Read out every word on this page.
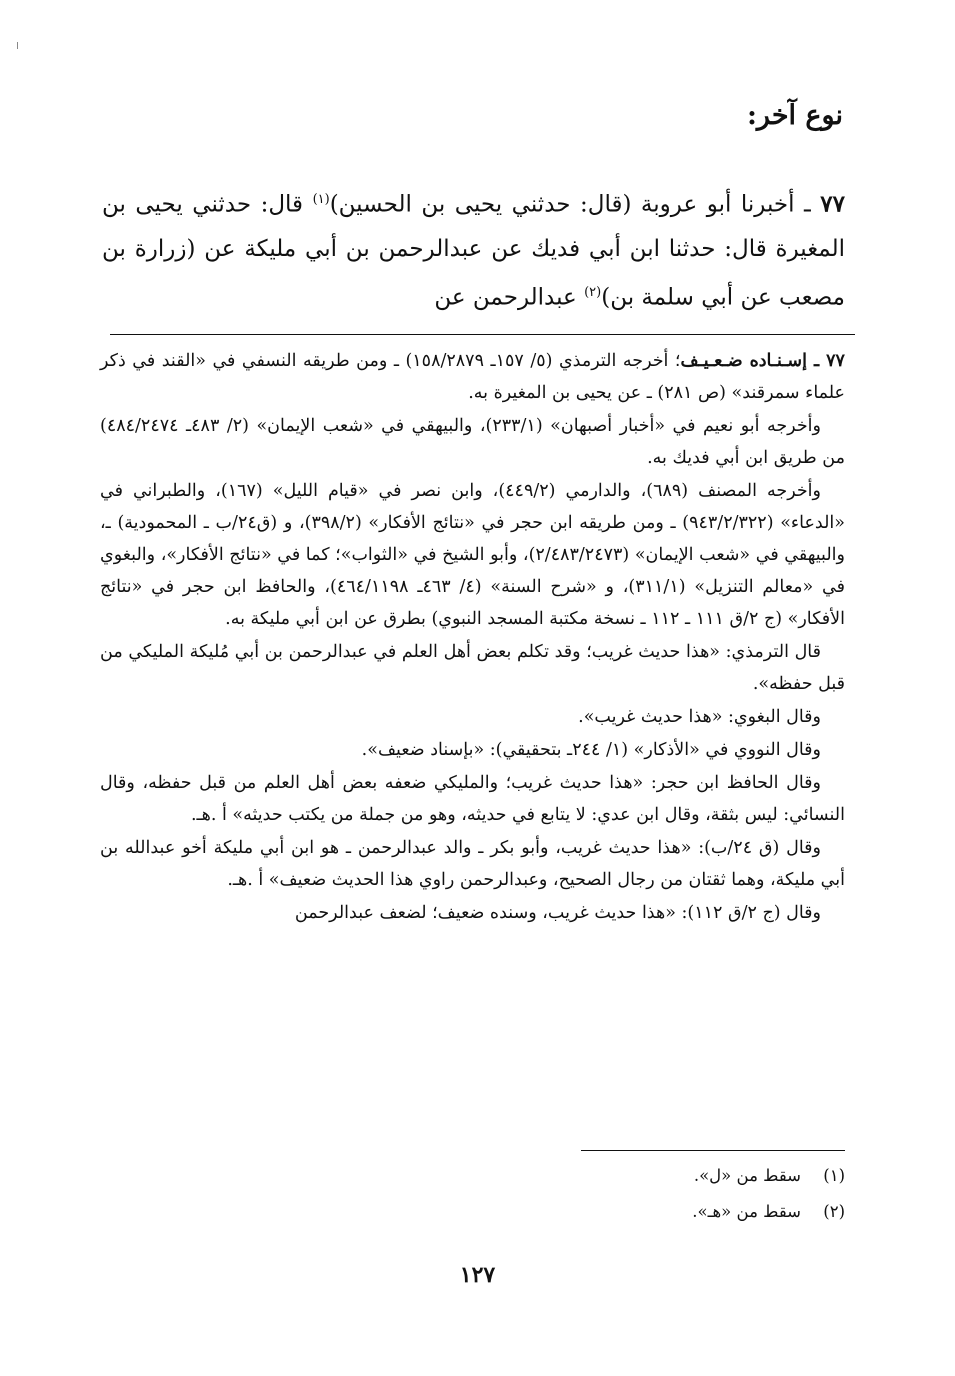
نوع آخر:

٧٧ ـ أخبرنا أبو عروبة (قال: حدثني يحيى بن الحسين)$^{(١)}$ قال: حدثني يحيى بن المغيرة قال: حدثنا ابن أبي فديك عن عبدالرحمن بن أبي مليكة عن (زرارة بن مصعب عن أبي سلمة بن)$^{(٢)}$ عبدالرحمن عن

٧٧ ـ إسـنـاده ضـعـيـف؛ أخرجه الترمذي (٥/ ١٥٧ـ ١٥٨/٢٨٧٩) ـ ومن طريقه النسفي في «القند في ذكر علماء سمرقند» (ص ٢٨١) ـ عن يحيى بن المغيرة به.

وأخرجه أبو نعيم في «أخبار أصبهان» (٢٣٣/١)، والبيهقي في «شعب الإيمان» (٢/ ٤٨٣ـ ٤٨٤/٢٤٧٤) من طريق ابن أبي فديك به.

وأخرجه المصنف (٦٨٩)، والدارمي (٤٤٩/٢)، وابن نصر في «قيام الليل» (١٦٧)، والطبراني في «الدعاء» (٩٤٣/٢/٣٢٢) ـ ومن طريقه ابن حجر في «نتائج الأفكار» (٣٩٨/٢)، و (ق٢٤/ب ـ المحمودية) ـ، والبيهقي في «شعب الإيمان» (٢/٤٨٣/٢٤٧٣)، وأبو الشيخ في «الثواب»؛ كما في «نتائج الأفكار»، والبغوي في «معالم التنزيل» (٣١١/١)، و «شرح السنة» (٤/ ٤٦٣ـ ٤٦٤/١١٩٨)، والحافظ ابن حجر في «نتائج الأفكار» (ج ٢/ق ١١١ ـ ١١٢ ـ نسخة مكتبة المسجد النبوي) بطرق عن ابن أبي مليكة به.

قال الترمذي: «هذا حديث غريب؛ وقد تكلم بعض أهل العلم في عبدالرحمن بن أبي مُليكة المليكي من قبل حفظه».

وقال البغوي: «هذا حديث غريب».

وقال النووي في «الأذكار» (١/ ٢٤٤ـ بتحقيقي): «بإسناد ضعيف».

وقال الحافظ ابن حجر: «هذا حديث غريب؛ والمليكي ضعفه بعض أهل العلم من قبل حفظه، وقال النسائي: ليس بثقة، وقال ابن عدي: لا يتابع في حديثه، وهو من جملة من يكتب حديثه» أ .هـ.

وقال (ق ٢٤/ب): «هذا حديث غريب، وأبو بكر ـ والد عبدالرحمن ـ هو ابن أبي مليكة أخو عبدالله بن أبي مليكة، وهما ثقتان من رجال الصحيح، وعبدالرحمن راوي هذا الحديث ضعيف» أ .هـ.

وقال (ج ٢/ق ١١٢): «هذا حديث غريب، وسنده ضعيف؛ لضعف عبدالرحمن

(١)
سقط من «ل».
(٢)
سقط من «هـ».
١٢٧
